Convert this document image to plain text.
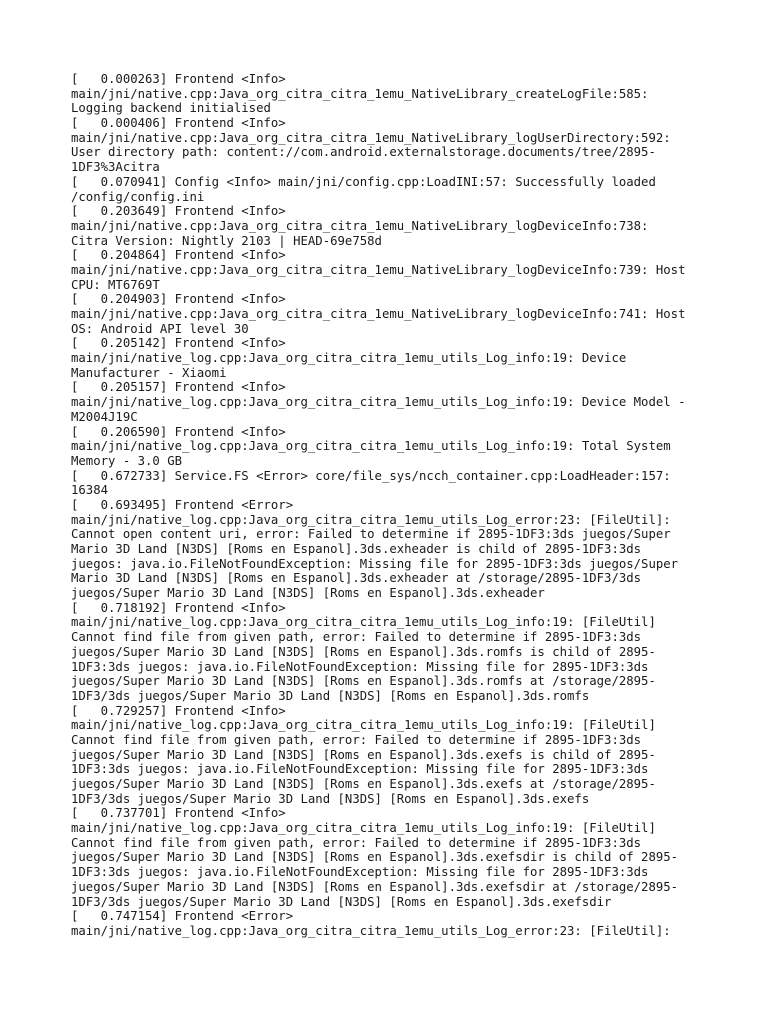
[   0.000263] Frontend <Info>
main/jni/native.cpp:Java_org_citra_citra_1emu_NativeLibrary_createLogFile:585:
Logging backend initialised
[   0.000406] Frontend <Info>
main/jni/native.cpp:Java_org_citra_citra_1emu_NativeLibrary_logUserDirectory:592:
User directory path: content://com.android.externalstorage.documents/tree/2895-
1DF3%3Acitra
[   0.070941] Config <Info> main/jni/config.cpp:LoadINI:57: Successfully loaded
/config/config.ini
[   0.203649] Frontend <Info>
main/jni/native.cpp:Java_org_citra_citra_1emu_NativeLibrary_logDeviceInfo:738:
Citra Version: Nightly 2103 | HEAD-69e758d
[   0.204864] Frontend <Info>
main/jni/native.cpp:Java_org_citra_citra_1emu_NativeLibrary_logDeviceInfo:739: Host
CPU: MT6769T
[   0.204903] Frontend <Info>
main/jni/native.cpp:Java_org_citra_citra_1emu_NativeLibrary_logDeviceInfo:741: Host
OS: Android API level 30
[   0.205142] Frontend <Info>
main/jni/native_log.cpp:Java_org_citra_citra_1emu_utils_Log_info:19: Device
Manufacturer - Xiaomi
[   0.205157] Frontend <Info>
main/jni/native_log.cpp:Java_org_citra_citra_1emu_utils_Log_info:19: Device Model -
M2004J19C
[   0.206590] Frontend <Info>
main/jni/native_log.cpp:Java_org_citra_citra_1emu_utils_Log_info:19: Total System
Memory - 3.0 GB
[   0.672733] Service.FS <Error> core/file_sys/ncch_container.cpp:LoadHeader:157:
16384
[   0.693495] Frontend <Error>
main/jni/native_log.cpp:Java_org_citra_citra_1emu_utils_Log_error:23: [FileUtil]:
Cannot open content uri, error: Failed to determine if 2895-1DF3:3ds juegos/Super
Mario 3D Land [N3DS] [Roms en Espanol].3ds.exheader is child of 2895-1DF3:3ds
juegos: java.io.FileNotFoundException: Missing file for 2895-1DF3:3ds juegos/Super
Mario 3D Land [N3DS] [Roms en Espanol].3ds.exheader at /storage/2895-1DF3/3ds
juegos/Super Mario 3D Land [N3DS] [Roms en Espanol].3ds.exheader
[   0.718192] Frontend <Info>
main/jni/native_log.cpp:Java_org_citra_citra_1emu_utils_Log_info:19: [FileUtil]
Cannot find file from given path, error: Failed to determine if 2895-1DF3:3ds
juegos/Super Mario 3D Land [N3DS] [Roms en Espanol].3ds.romfs is child of 2895-
1DF3:3ds juegos: java.io.FileNotFoundException: Missing file for 2895-1DF3:3ds
juegos/Super Mario 3D Land [N3DS] [Roms en Espanol].3ds.romfs at /storage/2895-
1DF3/3ds juegos/Super Mario 3D Land [N3DS] [Roms en Espanol].3ds.romfs
[   0.729257] Frontend <Info>
main/jni/native_log.cpp:Java_org_citra_citra_1emu_utils_Log_info:19: [FileUtil]
Cannot find file from given path, error: Failed to determine if 2895-1DF3:3ds
juegos/Super Mario 3D Land [N3DS] [Roms en Espanol].3ds.exefs is child of 2895-
1DF3:3ds juegos: java.io.FileNotFoundException: Missing file for 2895-1DF3:3ds
juegos/Super Mario 3D Land [N3DS] [Roms en Espanol].3ds.exefs at /storage/2895-
1DF3/3ds juegos/Super Mario 3D Land [N3DS] [Roms en Espanol].3ds.exefs
[   0.737701] Frontend <Info>
main/jni/native_log.cpp:Java_org_citra_citra_1emu_utils_Log_info:19: [FileUtil]
Cannot find file from given path, error: Failed to determine if 2895-1DF3:3ds
juegos/Super Mario 3D Land [N3DS] [Roms en Espanol].3ds.exefsdir is child of 2895-
1DF3:3ds juegos: java.io.FileNotFoundException: Missing file for 2895-1DF3:3ds
juegos/Super Mario 3D Land [N3DS] [Roms en Espanol].3ds.exefsdir at /storage/2895-
1DF3/3ds juegos/Super Mario 3D Land [N3DS] [Roms en Espanol].3ds.exefsdir
[   0.747154] Frontend <Error>
main/jni/native_log.cpp:Java_org_citra_citra_1emu_utils_Log_error:23: [FileUtil]:
